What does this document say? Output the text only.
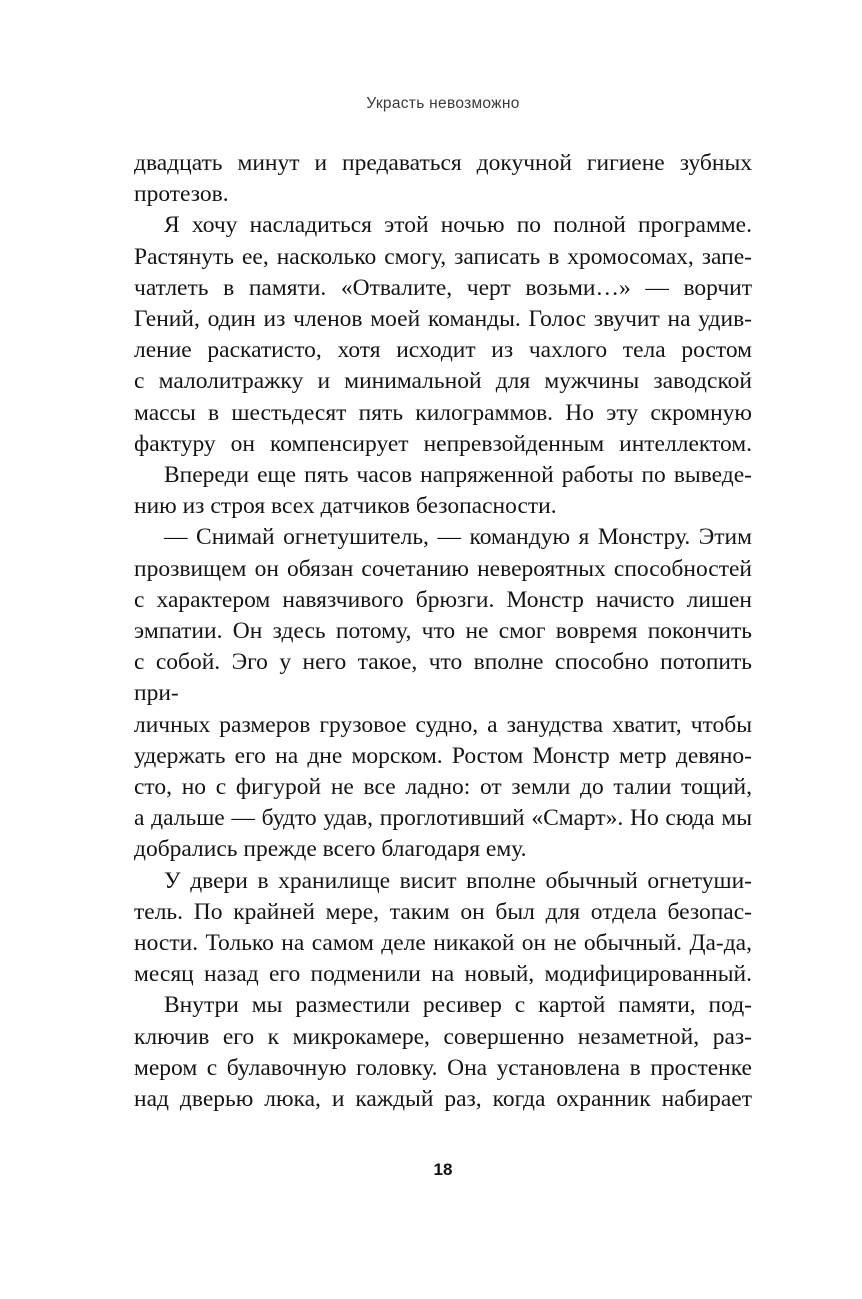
Украсть невозможно
двадцать минут и предаваться докучной гигиене зубных
протезов.
Я хочу насладиться этой ночью по полной программе.
Растянуть ее, насколько смогу, записать в хромосомах, запе-
чатлеть в памяти. «Отвалите, черт возьми…» — ворчит
Гений, один из членов моей команды. Голос звучит на удив-
ление раскатисто, хотя исходит из чахлого тела ростом
с малолитражку и минимальной для мужчины заводской
массы в шестьдесят пять килограммов. Но эту скромную
фактуру он компенсирует непревзойденным интеллектом.
Впереди еще пять часов напряженной работы по выведе-
нию из строя всех датчиков безопасности.
— Снимай огнетушитель, — командую я Монстру. Этим
прозвищем он обязан сочетанию невероятных способностей
с характером навязчивого брюзги. Монстр начисто лишен
эмпатии. Он здесь потому, что не смог вовремя покончить
с собой. Эго у него такое, что вполне способно потопить при-
личных размеров грузовое судно, а занудства хватит, чтобы
удержать его на дне морском. Ростом Монстр метр девяно-
сто, но с фигурой не все ладно: от земли до талии тощий,
а дальше — будто удав, проглотивший «Смарт». Но сюда мы
добрались прежде всего благодаря ему.
У двери в хранилище висит вполне обычный огнетуши-
тель. По крайней мере, таким он был для отдела безопас-
ности. Только на самом деле никакой он не обычный. Да-да,
месяц назад его подменили на новый, модифицированный.
Внутри мы разместили ресивер с картой памяти, под-
ключив его к микрокамере, совершенно незаметной, раз-
мером с булавочную головку. Она установлена в простенке
над дверью люка, и каждый раз, когда охранник набирает
18
